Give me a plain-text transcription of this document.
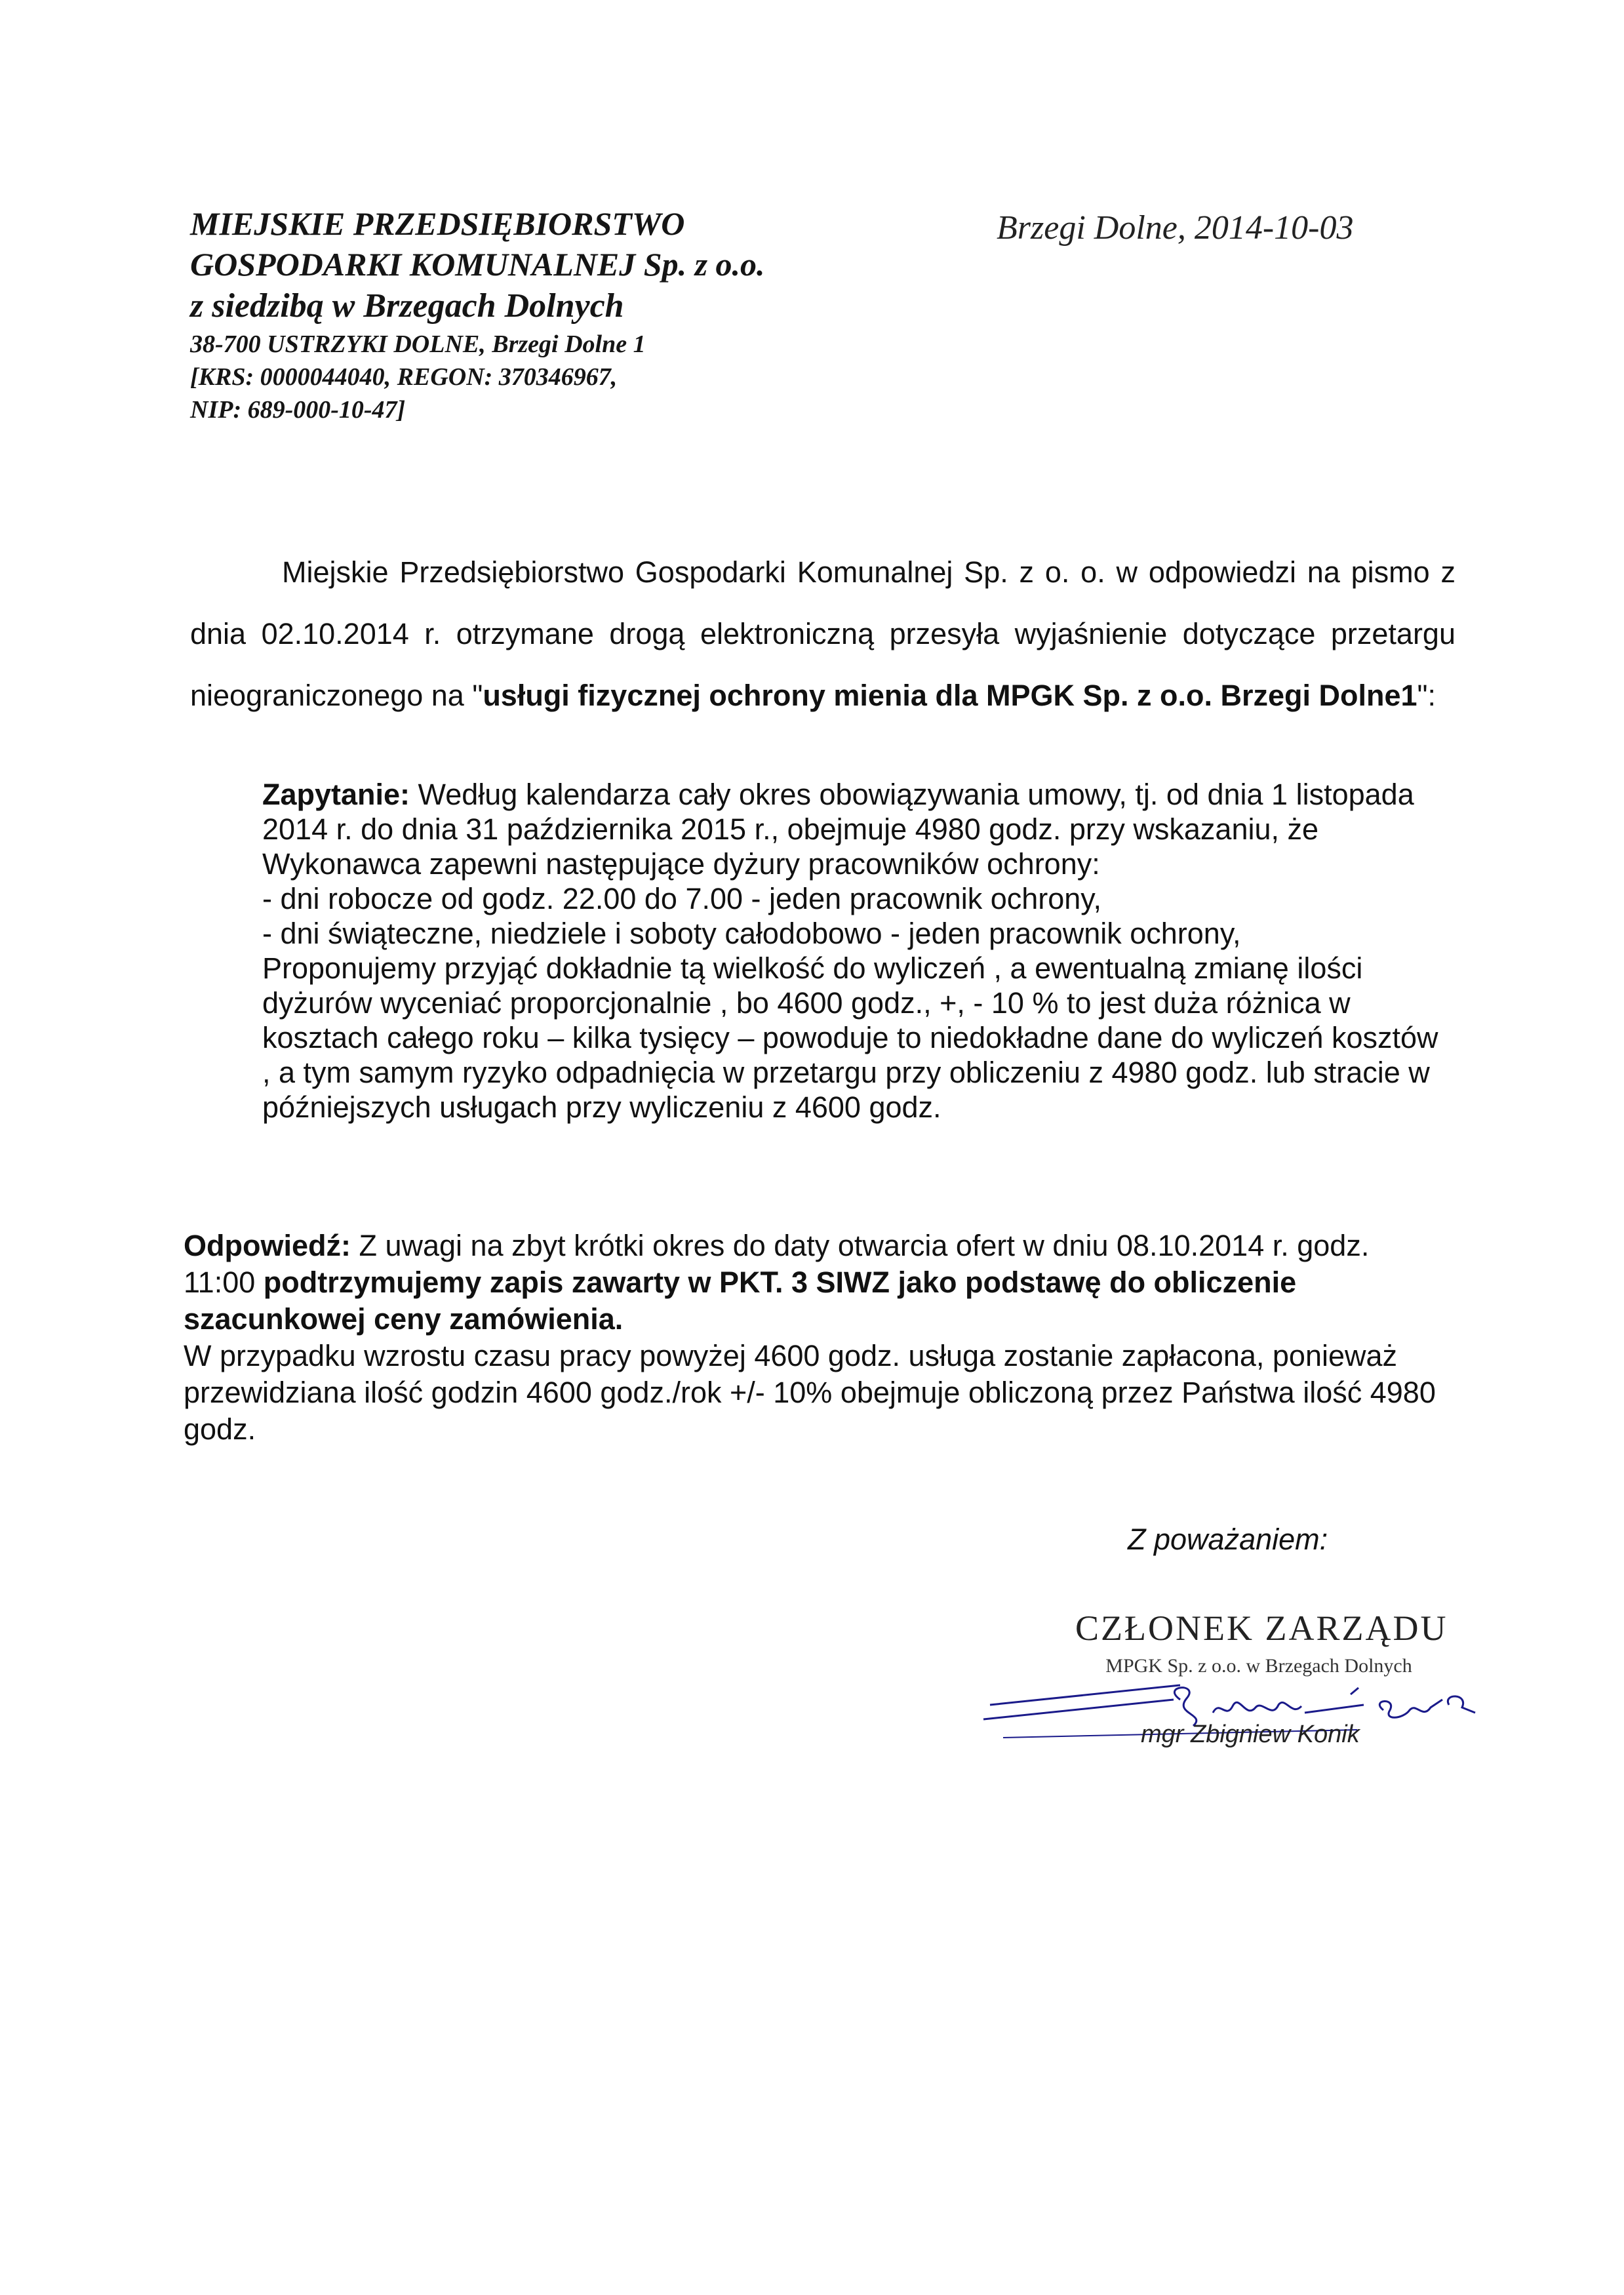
MIEJSKIE PRZEDSIĘBIORSTWO
GOSPODARKI KOMUNALNEJ Sp. z o.o.
z siedzibą w Brzegach Dolnych
38-700 USTRZYKI DOLNE, Brzegi Dolne 1
[KRS: 0000044040, REGON: 370346967,
NIP: 689-000-10-47]
Brzegi Dolne, 2014-10-03
Miejskie Przedsiębiorstwo Gospodarki Komunalnej Sp. z o. o. w odpowiedzi na pismo z dnia 02.10.2014 r. otrzymane drogą elektroniczną przesyła wyjaśnienie dotyczące przetargu nieograniczonego na "usługi fizycznej ochrony mienia dla MPGK Sp. z o.o. Brzegi Dolne1":

Zapytanie: Według kalendarza cały okres obowiązywania umowy, tj. od dnia 1 listopada 2014 r. do dnia 31 października 2015 r., obejmuje 4980 godz. przy wskazaniu, że Wykonawca zapewni następujące dyżury pracowników ochrony:

- dni robocze od godz. 22.00 do 7.00 - jeden pracownik ochrony,
- dni świąteczne, niedziele i soboty całodobowo - jeden pracownik ochrony,

Proponujemy przyjąć dokładnie tą wielkość do wyliczeń , a ewentualną zmianę ilości dyżurów wyceniać proporcjonalnie , bo 4600 godz., +, - 10 % to jest duża różnica w kosztach całego roku – kilka tysięcy – powoduje to niedokładne dane do wyliczeń kosztów , a tym samym ryzyko odpadnięcia w przetargu przy obliczeniu z 4980 godz. lub stracie w późniejszych usługach przy wyliczeniu z 4600 godz.

Odpowiedź: Z uwagi na zbyt krótki okres do daty otwarcia ofert w dniu 08.10.2014 r. godz. 11:00 podtrzymujemy zapis zawarty w PKT. 3 SIWZ jako podstawę do obliczenie szacunkowej ceny zamówienia.

W przypadku wzrostu czasu pracy powyżej 4600 godz. usługa zostanie zapłacona, ponieważ przewidziana ilość godzin 4600 godz./rok +/- 10% obejmuje obliczoną przez Państwa ilość 4980 godz.

Z poważaniem:
CZŁONEK ZARZĄDU
MPGK Sp. z o.o. w Brzegach Dolnych
mgr Zbigniew Konik
